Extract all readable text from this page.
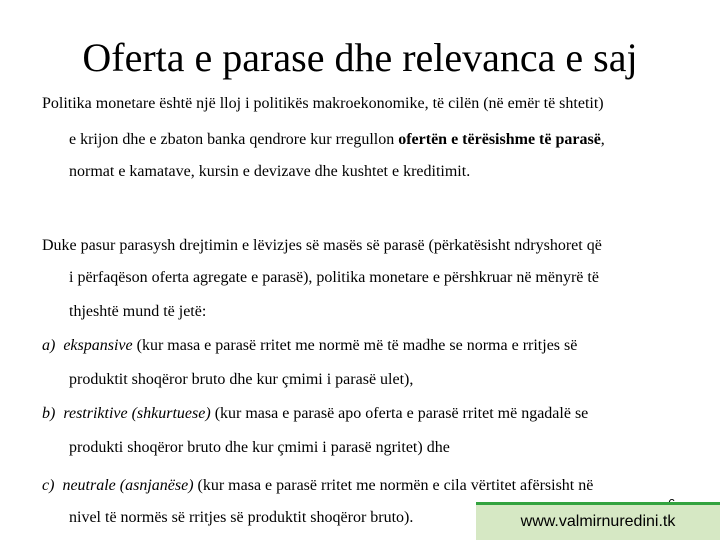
Oferta e parase dhe relevanca e saj
Politika monetare është një lloj i politikës makroekonomike, të cilën (në emër të shtetit)
e krijon dhe e zbaton banka qendrore kur rregullon ofertën e tërësishme të parasë,
normat e kamatave, kursin e devizave dhe kushtet e kreditimit.
Duke pasur parasysh drejtimin e lëvizjes së masës së parasë (përkatësisht ndryshoret që
i përfaqëson oferta agregate e parasë), politika monetare e përshkruar në mënyrë të
thjeshtë mund të jetë:
a) ekspansive (kur masa e parasë rritet me normë më të madhe se norma e rritjes së
produktit shoqëror bruto dhe kur çmimi i parasë ulet),
b) restriktive (shkurtuese) (kur masa e parasë apo oferta e parasë rritet më ngadalë se
produkti shoqëror bruto dhe kur çmimi i parasë ngritet) dhe
c) neutrale (asnjanëse) (kur masa e parasë rritet me normën e cila vërtitet afërsisht në
nivel të normës së rritjes së produktit shoqëror bruto).	www.valmirnuredini.tk
